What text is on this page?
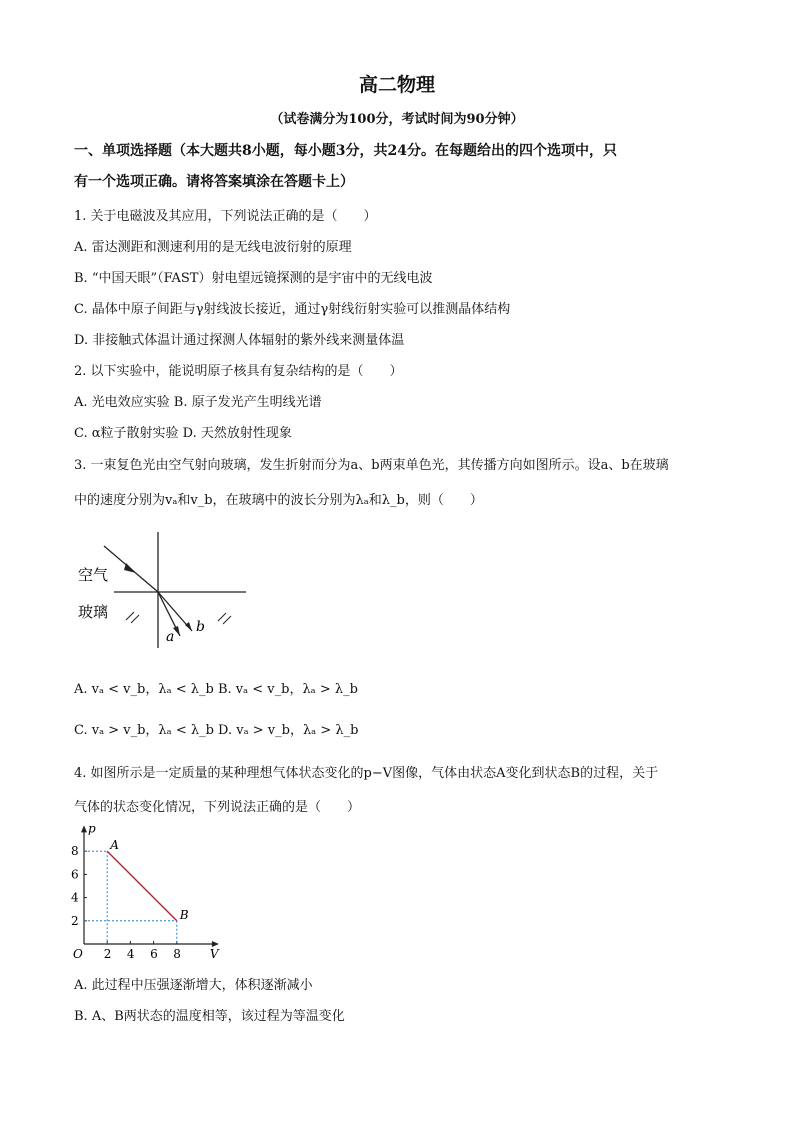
高二物理
（试卷满分为100分，考试时间为90分钟）
一、单项选择题（本大题共8小题，每小题3分，共24分。在每题给出的四个选项中，只
有一个选项正确。请将答案填涂在答题卡上）
1. 关于电磁波及其应用，下列说法正确的是（　　）
A. 雷达测距和测速利用的是无线电波衍射的原理
B. “中国天眼”（FAST）射电望远镜探测的是宇宙中的无线电波
C. 晶体中原子间距与γ射线波长接近，通过γ射线衍射实验可以推测晶体结构
D. 非接触式体温计通过探测人体辐射的紫外线来测量体温
2. 以下实验中，能说明原子核具有复杂结构的是（　　）
A. 光电效应实验 B. 原子发光产生明线光谱
C. α粒子散射实验 D. 天然放射性现象
3. 一束复色光由空气射向玻璃，发生折射而分为a、b两束单色光，其传播方向如图所示。设a、b在玻璃
中的速度分别为vₐ和v_b，在玻璃中的波长分别为λₐ和λ_b，则（　　）
空气
玻璃
a
b
A. vₐ < v_b，λₐ < λ_b B. vₐ < v_b，λₐ > λ_b
C. vₐ > v_b，λₐ < λ_b D. vₐ > v_b，λₐ > λ_b
4. 如图所示是一定质量的某种理想气体状态变化的p−V图像，气体由状态A变化到状态B的过程，关于
气体的状态变化情况，下列说法正确的是（　　）
V
p
O 2 4 6 8
2
4
6
8	A
B
A. 此过程中压强逐渐增大，体积逐渐减小
B. A、B两状态的温度相等，该过程为等温变化
